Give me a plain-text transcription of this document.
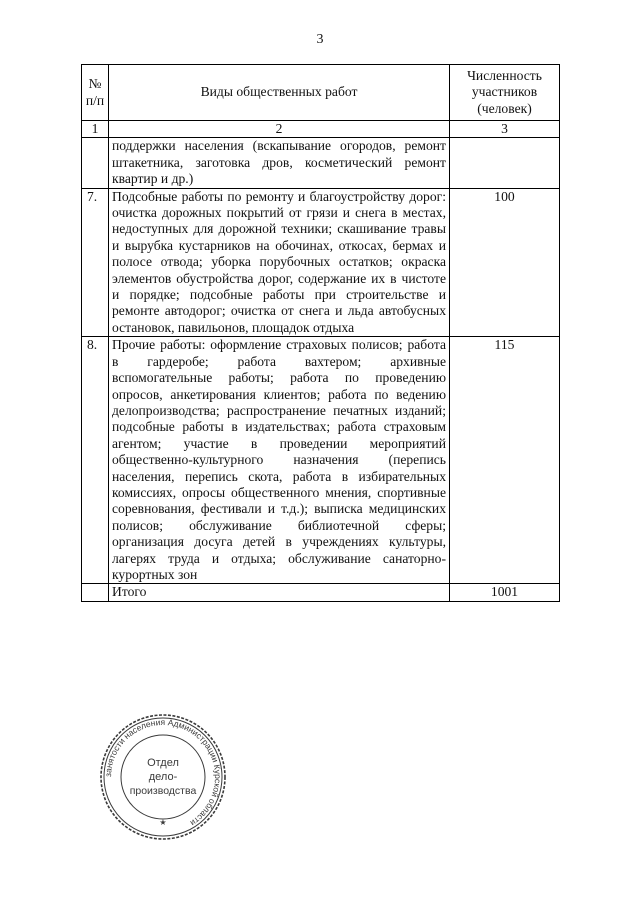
3
№ п/п	Виды общественных работ	Численность участников (человек)
1	2	3
	поддержки населения (вскапывание огородов, ремонт штакетника, заготовка дров, косметический ремонт квартир и др.)	
7.	Подсобные работы по ремонту и благоустройству дорог: очистка дорожных покрытий от грязи и снега в местах, недоступных для дорожной техники; скашивание травы и вырубка кустарников на обочинах, откосах, бермах и полосе отвода; уборка порубочных остатков; окраска элементов обустройства дорог, содержание их в чистоте и порядке; подсобные работы при строительстве и ремонте автодорог; очистка от снега и льда автобусных остановок, павильонов, площадок отдыха	100
8.	Прочие работы: оформление страховых полисов; работа в гардеробе; работа вахтером; архивные вспомогательные работы; работа по проведению опросов, анкетирования клиентов; работа по ведению делопроизводства; распространение печатных изданий; подсобные работы в издательствах; работа страховым агентом; участие в проведении мероприятий общественно-культурного назначения (перепись населения, перепись скота, работа в избирательных комиссиях, опросы общественного мнения, спортивные соревнования, фестивали и т.д.); выписка медицинских полисов; обслуживание библиотечной сферы; организация досуга детей в учреждениях культуры, лагерях труда и отдыха; обслуживание санаторно-курортных зон	115
	Итого	1001
занятости населения Администрации Курской области
Отдел
дело-
производства
★
